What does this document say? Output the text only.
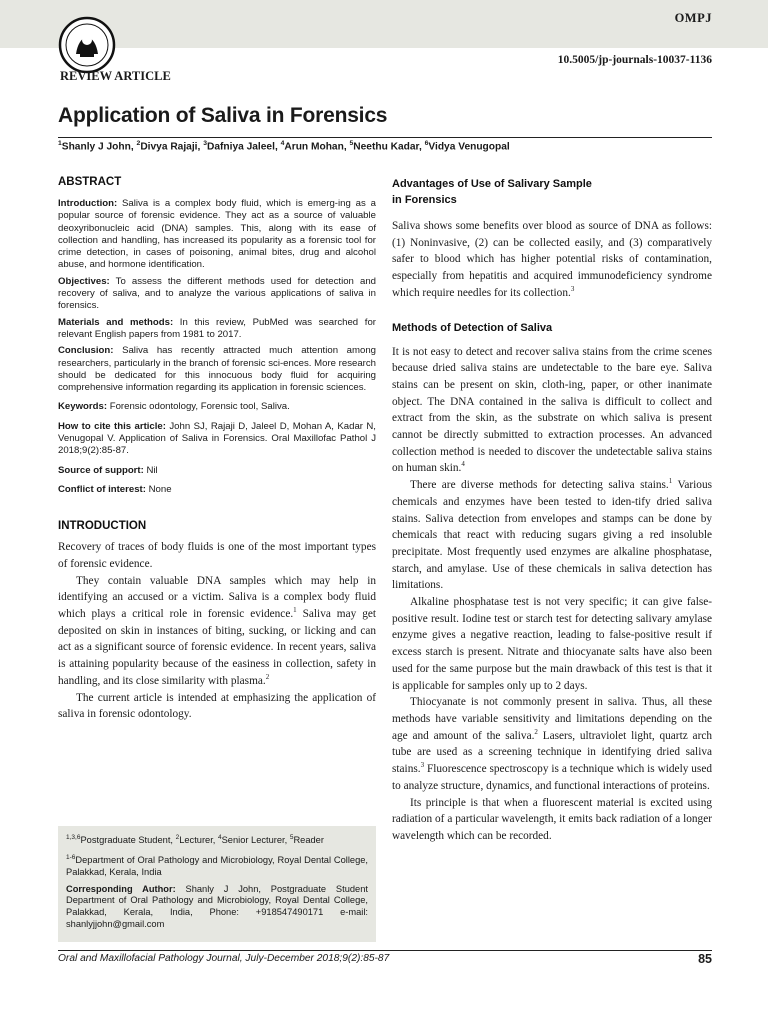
OMPJ
REVIEW ARTICLE
10.5005/jp-journals-10037-1136
Application of Saliva in Forensics
$^1$Shanly J John, $^2$Divya Rajaji, $^3$Dafniya Jaleel, $^4$Arun Mohan, $^5$Neethu Kadar, $^6$Vidya Venugopal
ABSTRACT

Introduction: Saliva is a complex body fluid, which is emerg-ing as a popular source of forensic evidence. They act as a source of valuable deoxyribonucleic acid (DNA) samples. This, along with its ease of collection and handling, has increased its popularity as a forensic tool for crime detection, in cases of poisoning, animal bites, drug and alcohol abuse, and hormone identification.

Objectives: To assess the different methods used for detection and recovery of saliva, and to analyze the various applications of saliva in forensics.

Materials and methods: In this review, PubMed was searched for relevant English papers from 1981 to 2017.

Conclusion: Saliva has recently attracted much attention among researchers, particularly in the branch of forensic sci-ences. More research should be dedicated for this innocuous body fluid for acquiring comprehensive information regarding its application in forensic sciences.

Keywords: Forensic odontology, Forensic tool, Saliva.

How to cite this article: John SJ, Rajaji D, Jaleel D, Mohan A, Kadar N, Venugopal V. Application of Saliva in Forensics. Oral Maxillofac Pathol J 2018;9(2):85-87.

Source of support: Nil

Conflict of interest: None

INTRODUCTION

Recovery of traces of body fluids is one of the most important types of forensic evidence.

They contain valuable DNA samples which may help in identifying an accused or a victim. Saliva is a complex body fluid which plays a critical role in forensic evidence.$^1$ Saliva may get deposited on skin in instances of biting, sucking, or licking and can act as a significant source of forensic evidence. In recent years, saliva is attaining popularity because of the easiness in collection, safety in handling, and its close similarity with plasma.$^2$

The current article is intended at emphasizing the application of saliva in forensic odontology.

$^{1,3,6}$Postgraduate Student, $^2$Lecturer, $^4$Senior Lecturer, $^5$Reader

$^{1-6}$Department of Oral Pathology and Microbiology, Royal Dental College, Palakkad, Kerala, India

Corresponding Author: Shanly J John, Postgraduate Student Department of Oral Pathology and Microbiology, Royal Dental College, Palakkad, Kerala, India, Phone: +918547490171 e-mail: shanlyjjohn@gmail.com

Advantages of Use of Salivary Sample
in Forensics

Saliva shows some benefits over blood as source of DNA as follows: (1) Noninvasive, (2) can be collected easily, and (3) comparatively safer to blood which has higher potential risks of contamination, especially from hepatitis and acquired immunodeficiency syndrome which require needles for its collection.$^3$

Methods of Detection of Saliva

It is not easy to detect and recover saliva stains from the crime scenes because dried saliva stains are undetectable to the bare eye. Saliva stains can be present on skin, cloth-ing, paper, or other inanimate object. The DNA contained in the saliva is difficult to collect and extract from the skin, as the substrate on which saliva is present cannot be directly submitted to extraction processes. An advanced collection method is needed to discover the undetectable saliva stains on human skin.$^4$

There are diverse methods for detecting saliva stains.$^1$ Various chemicals and enzymes have been tested to iden-tify dried saliva stains. Saliva detection from envelopes and stamps can be done by chemicals that react with reducing sugars giving a red insoluble precipitate. Most frequently used enzymes are alkaline phosphatase, starch, and amylase. Use of these chemicals in saliva detection has limitations.

Alkaline phosphatase test is not very specific; it can give false-positive result. Iodine test or starch test for detecting salivary amylase enzyme gives a negative reaction, leading to false-positive result if excess starch is present. Nitrate and thiocyanate salts have also been used for the same purpose but the main drawback of this test is that it is applicable for samples only up to 2 days.

Thiocyanate is not commonly present in saliva. Thus, all these methods have variable sensitivity and limitations depending on the age and amount of the saliva.$^2$ Lasers, ultraviolet light, quartz arch tube are used as a screening technique in identifying dried saliva stains.$^3$ Fluorescence spectroscopy is a technique which is widely used to analyze structure, dynamics, and functional interactions of proteins.

Its principle is that when a fluorescent material is excited using radiation of a particular wavelength, it emits back radiation of a longer wavelength which can be recorded.

Oral and Maxillofacial Pathology Journal, July-December 2018;9(2):85-87	85
